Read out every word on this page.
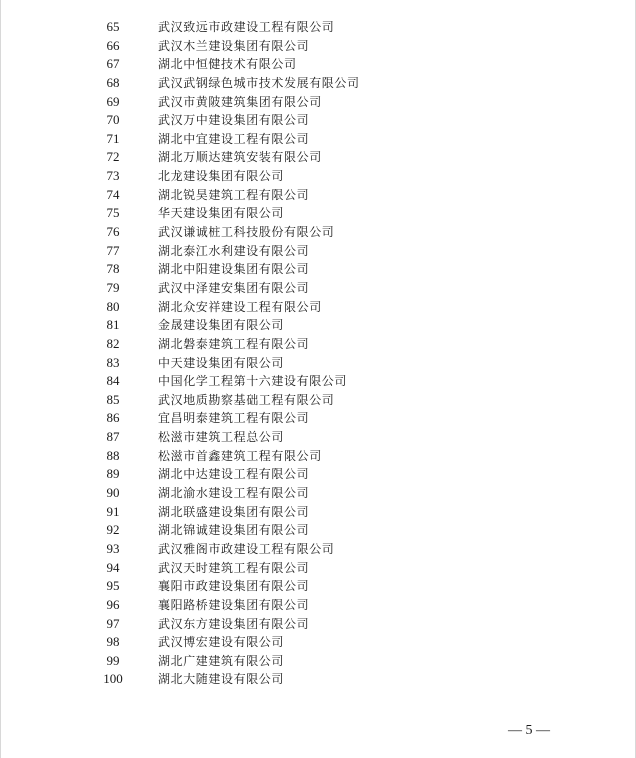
65	武汉致远市政建设工程有限公司
66	武汉木兰建设集团有限公司
67	湖北中恒健技术有限公司
68	武汉武钢绿色城市技术发展有限公司
69	武汉市黄陂建筑集团有限公司
70	武汉万中建设集团有限公司
71	湖北中宜建设工程有限公司
72	湖北万顺达建筑安装有限公司
73	北龙建设集团有限公司
74	湖北锐昊建筑工程有限公司
75	华天建设集团有限公司
76	武汉谦诚桩工科技股份有限公司
77	湖北泰江水利建设有限公司
78	湖北中阳建设集团有限公司
79	武汉中泽建安集团有限公司
80	湖北众安祥建设工程有限公司
81	金晟建设集团有限公司
82	湖北磐泰建筑工程有限公司
83	中天建设集团有限公司
84	中国化学工程第十六建设有限公司
85	武汉地质勘察基础工程有限公司
86	宜昌明泰建筑工程有限公司
87	松滋市建筑工程总公司
88	松滋市首鑫建筑工程有限公司
89	湖北中达建设工程有限公司
90	湖北渝水建设工程有限公司
91	湖北联盛建设集团有限公司
92	湖北锦诚建设集团有限公司
93	武汉雅阁市政建设工程有限公司
94	武汉天时建筑工程有限公司
95	襄阳市政建设集团有限公司
96	襄阳路桥建设集团有限公司
97	武汉东方建设集团有限公司
98	武汉博宏建设有限公司
99	湖北广建建筑有限公司
100	湖北大随建设有限公司
— 5 —
